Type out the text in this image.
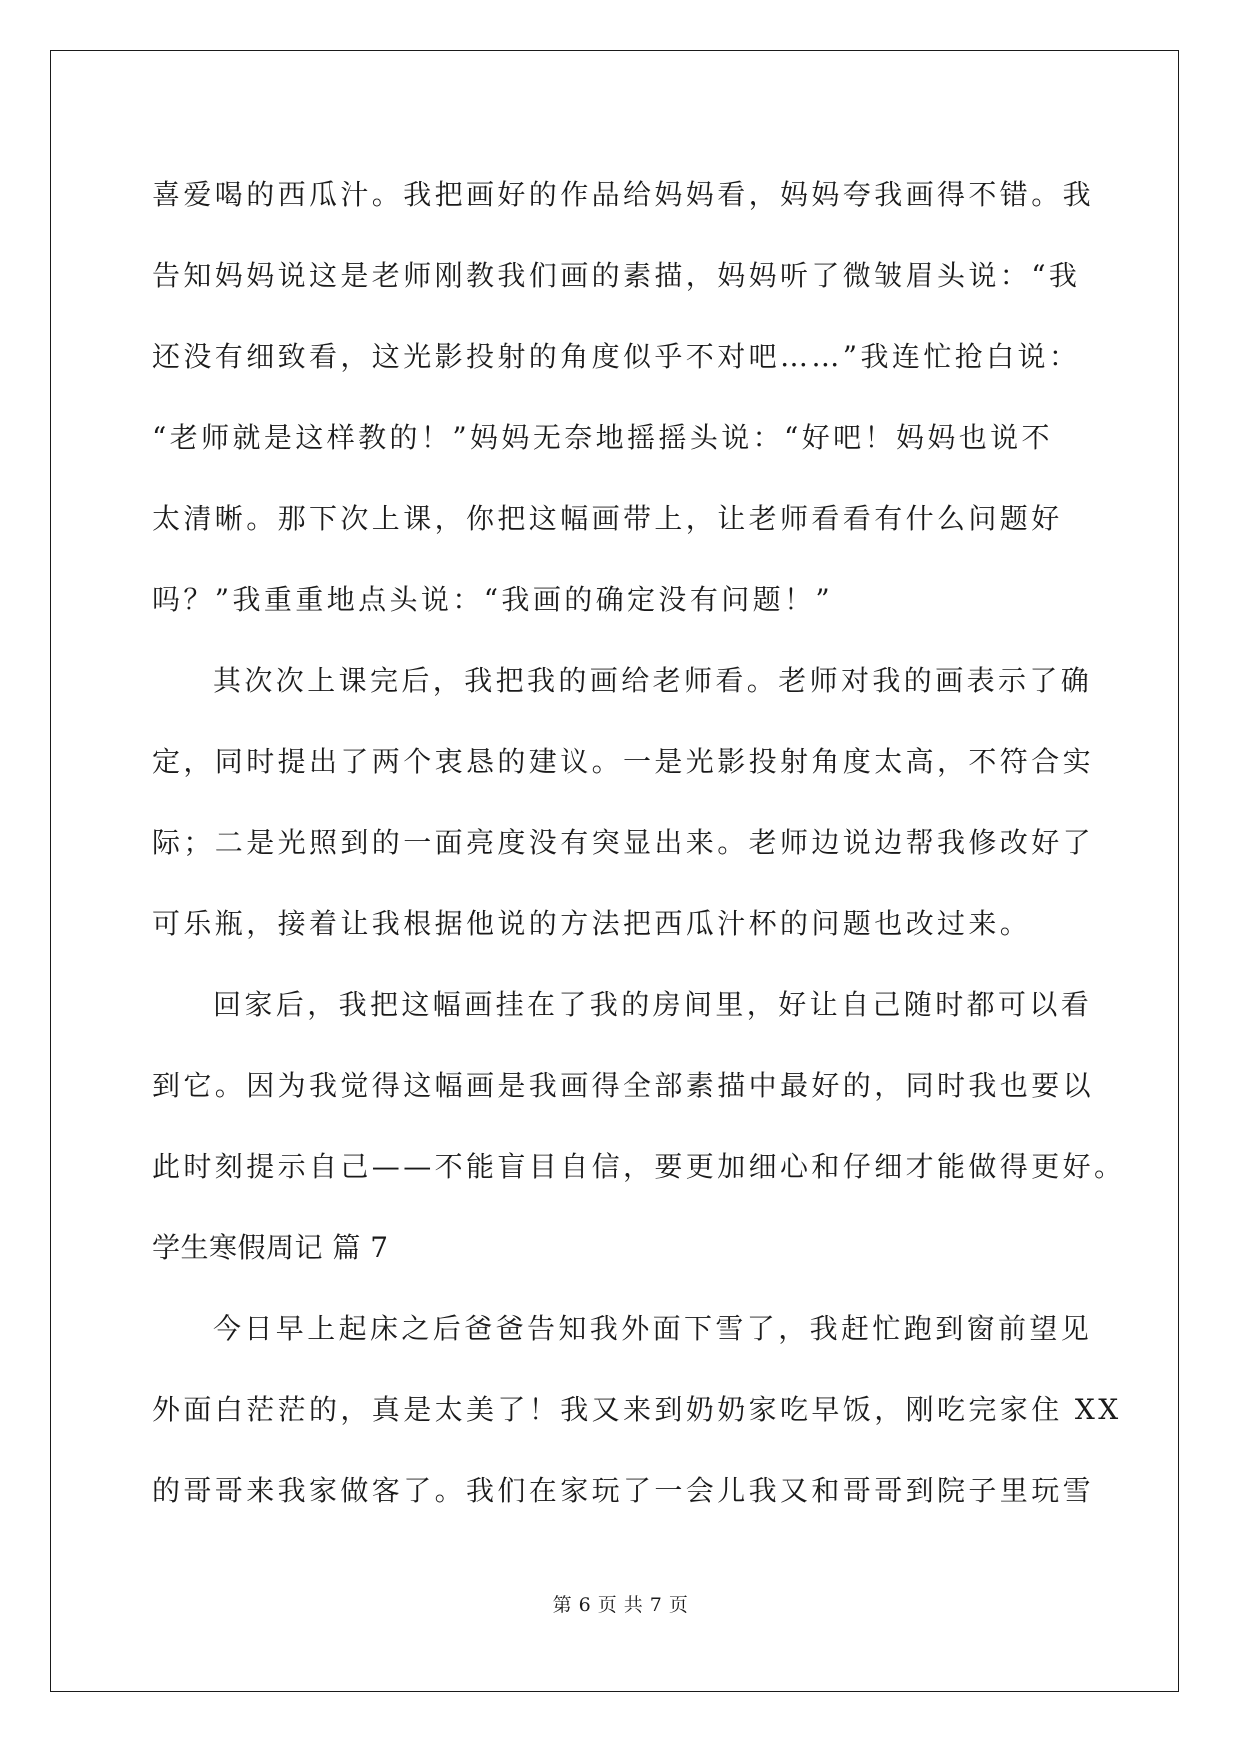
喜爱喝的西瓜汁。我把画好的作品给妈妈看，妈妈夸我画得不错。我
告知妈妈说这是老师刚教我们画的素描，妈妈听了微皱眉头说：“我
还没有细致看，这光影投射的角度似乎不对吧……”我连忙抢白说：
“老师就是这样教的！”妈妈无奈地摇摇头说：“好吧！妈妈也说不
太清晰。那下次上课，你把这幅画带上，让老师看看有什么问题好
吗？”我重重地点头说：“我画的确定没有问题！”
其次次上课完后，我把我的画给老师看。老师对我的画表示了确
定，同时提出了两个衷恳的建议。一是光影投射角度太高，不符合实
际；二是光照到的一面亮度没有突显出来。老师边说边帮我修改好了
可乐瓶，接着让我根据他说的方法把西瓜汁杯的问题也改过来。
回家后，我把这幅画挂在了我的房间里，好让自己随时都可以看
到它。因为我觉得这幅画是我画得全部素描中最好的，同时我也要以
此时刻提示自己——不能盲目自信，要更加细心和仔细才能做得更好。
学生寒假周记 篇 7
今日早上起床之后爸爸告知我外面下雪了，我赶忙跑到窗前望见
外面白茫茫的，真是太美了！我又来到奶奶家吃早饭，刚吃完家住 XX
的哥哥来我家做客了。我们在家玩了一会儿我又和哥哥到院子里玩雪
第 6 页 共 7 页
